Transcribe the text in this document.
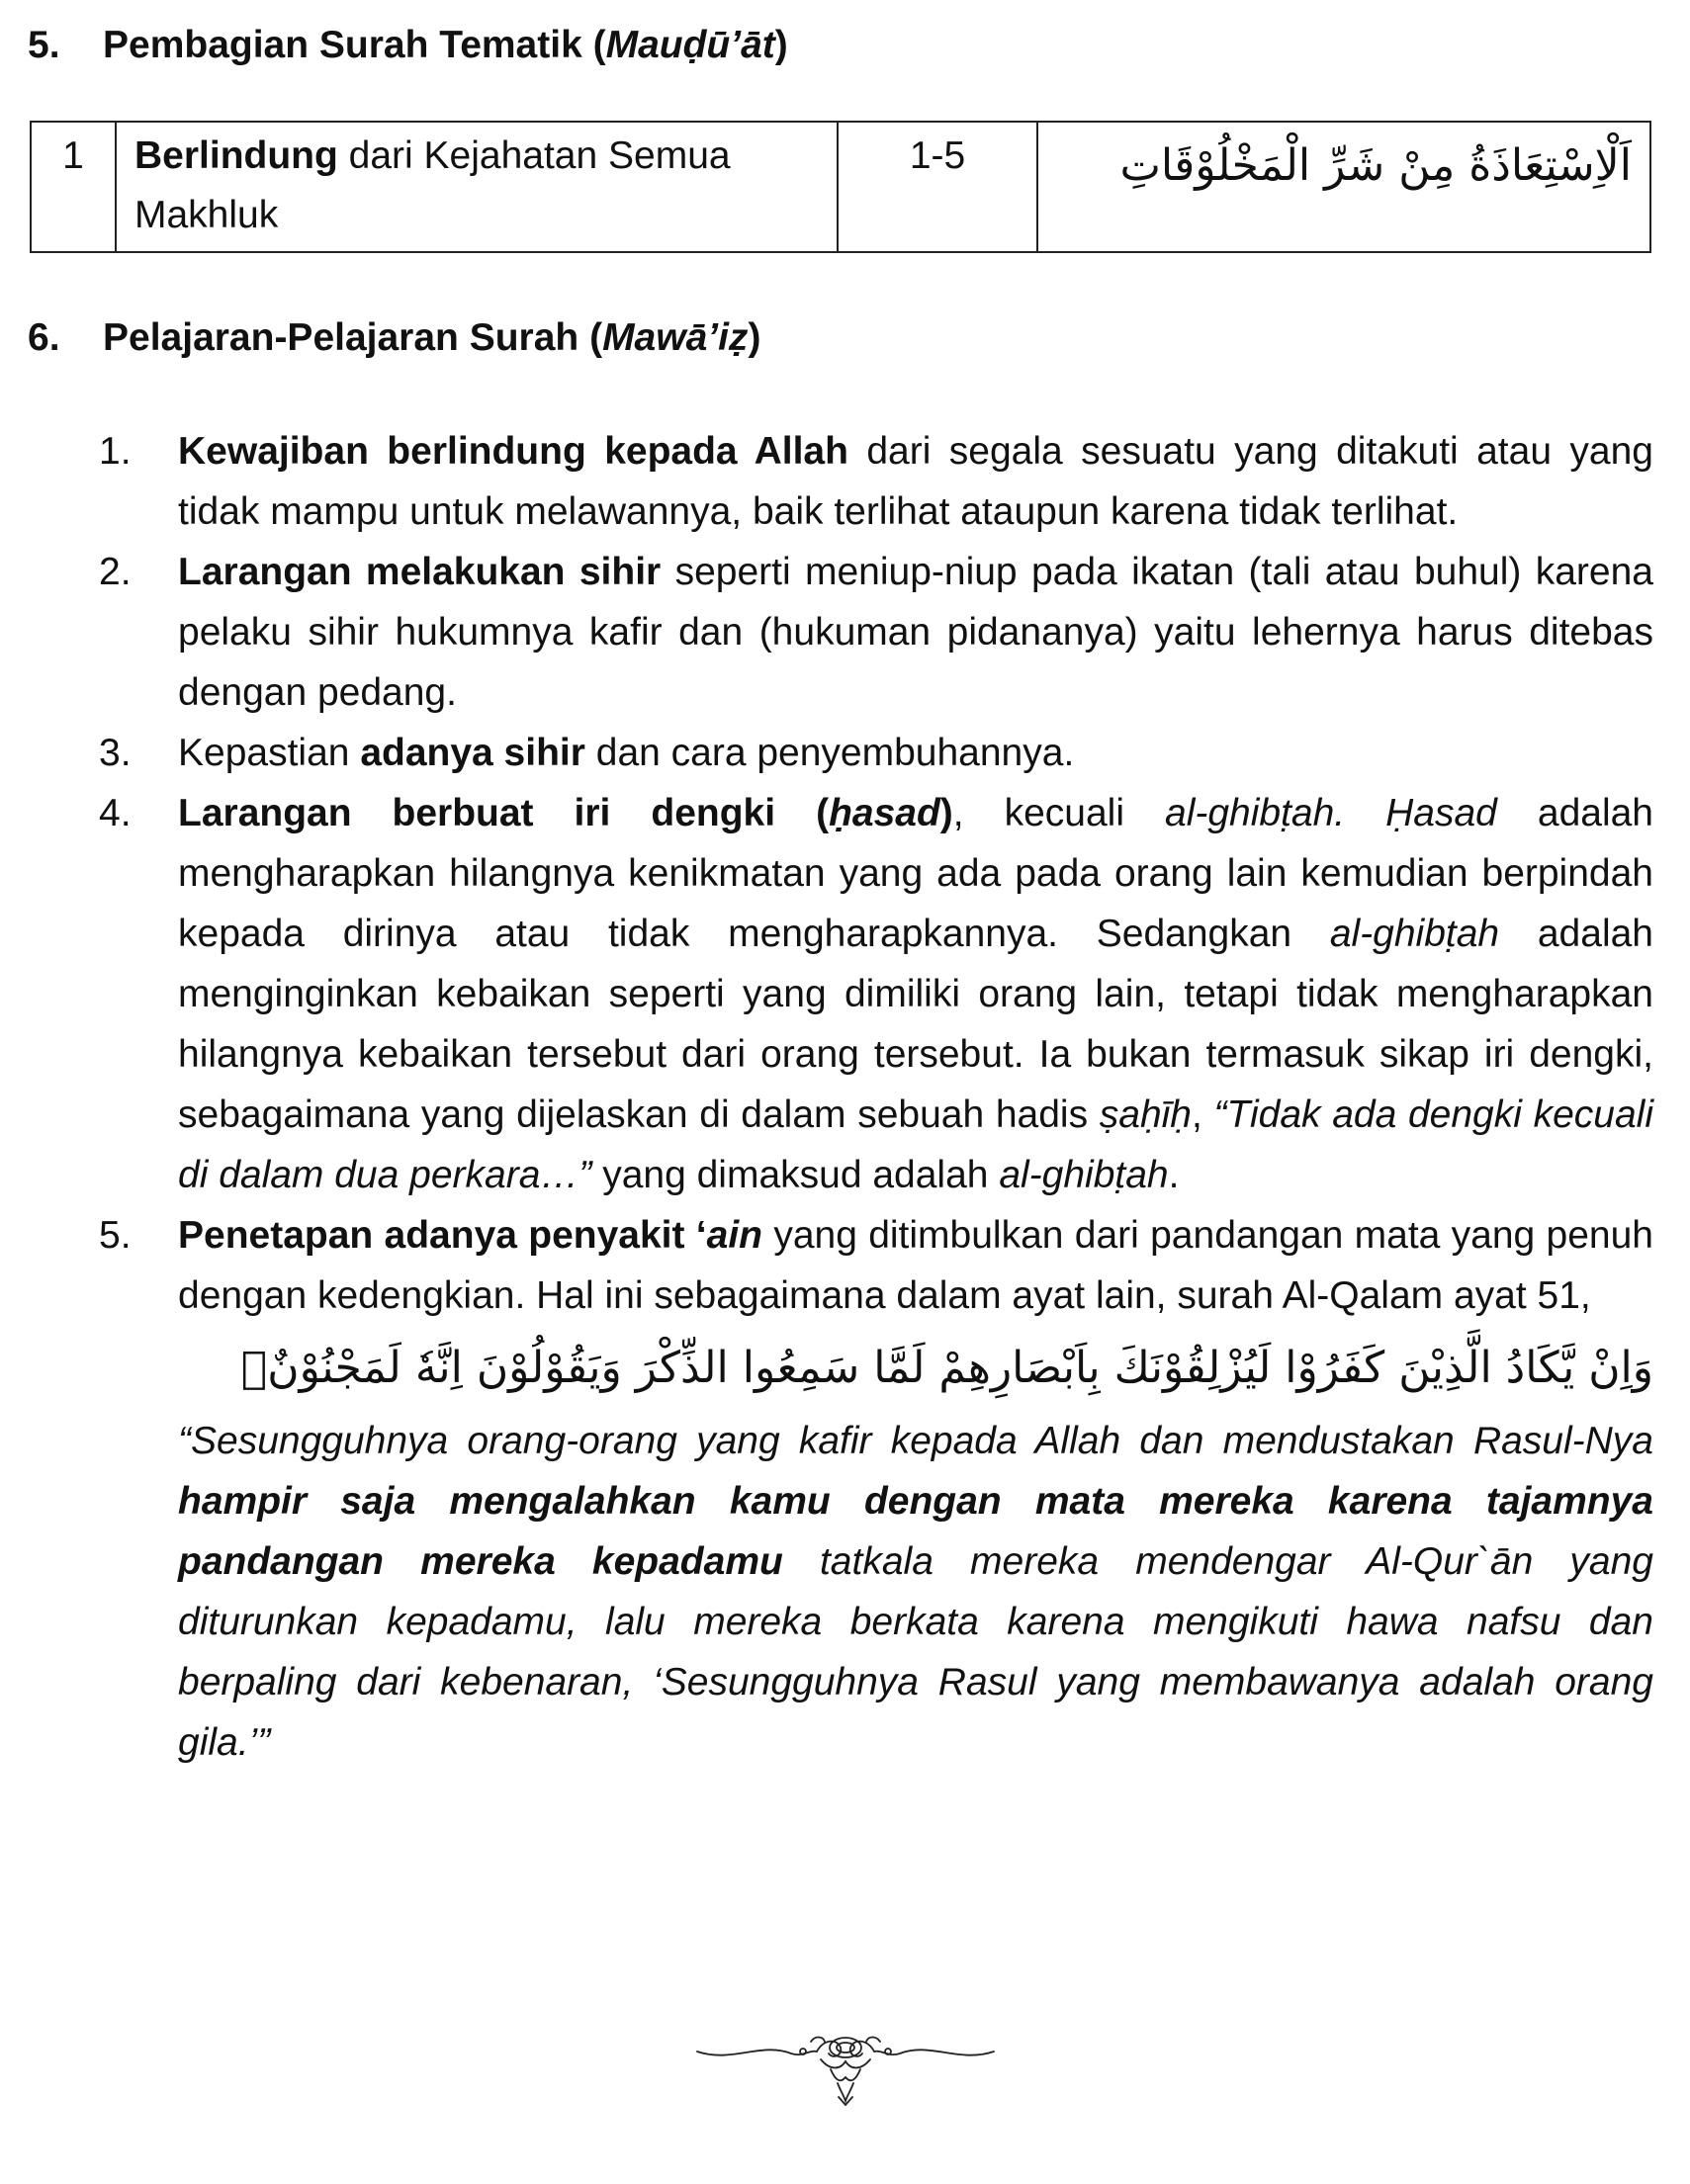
5. Pembagian Surah Tematik (Mauḍū’āt)
1	Berlindung dari Kejahatan Semua Makhluk	1-5	اَلْاِسْتِعَاذَةُ مِنْ شَرِّ الْمَخْلُوْقَاتِ
6. Pelajaran-Pelajaran Surah (Mawā’iẓ)
1. Kewajiban berlindung kepada Allah dari segala sesuatu yang ditakuti atau yang tidak mampu untuk melawannya, baik terlihat ataupun karena tidak terlihat.
2. Larangan melakukan sihir seperti meniup-niup pada ikatan (tali atau buhul) karena pelaku sihir hukumnya kafir dan (hukuman pidananya) yaitu lehernya harus ditebas dengan pedang.
3. Kepastian adanya sihir dan cara penyembuhannya.
4. Larangan berbuat iri dengki (ḥasad), kecuali al-ghibṭah. Ḥasad adalah mengharapkan hilangnya kenikmatan yang ada pada orang lain kemudian berpindah kepada dirinya atau tidak mengharapkannya. Sedangkan al-ghibṭah adalah menginginkan kebaikan seperti yang dimiliki orang lain, tetapi tidak mengharapkan hilangnya kebaikan tersebut dari orang tersebut. Ia bukan termasuk sikap iri dengki, sebagaimana yang dijelaskan di dalam sebuah hadis ṣaḥīḥ, “Tidak ada dengki kecuali di dalam dua perkara…” yang dimaksud adalah al-ghibṭah.
5. Penetapan adanya penyakit ‘ain yang ditimbulkan dari pandangan mata yang penuh dengan kedengkian. Hal ini sebagaimana dalam ayat lain, surah Al-Qalam ayat 51,
وَاِنْ يَّكَادُ الَّذِيْنَ كَفَرُوْا لَيُزْلِقُوْنَكَ بِاَبْصَارِهِمْ لَمَّا سَمِعُوا الذِّكْرَ وَيَقُوْلُوْنَ اِنَّهٗ لَمَجْنُوْنٌۘ
“Sesungguhnya orang-orang yang kafir kepada Allah dan mendustakan Rasul-Nya hampir saja mengalahkan kamu dengan mata mereka karena tajamnya pandangan mereka kepadamu tatkala mereka mendengar Al-Qur`ān yang diturunkan kepadamu, lalu mereka berkata karena mengikuti hawa nafsu dan berpaling dari kebenaran, ‘Sesungguhnya Rasul yang membawanya adalah orang gila.’”
